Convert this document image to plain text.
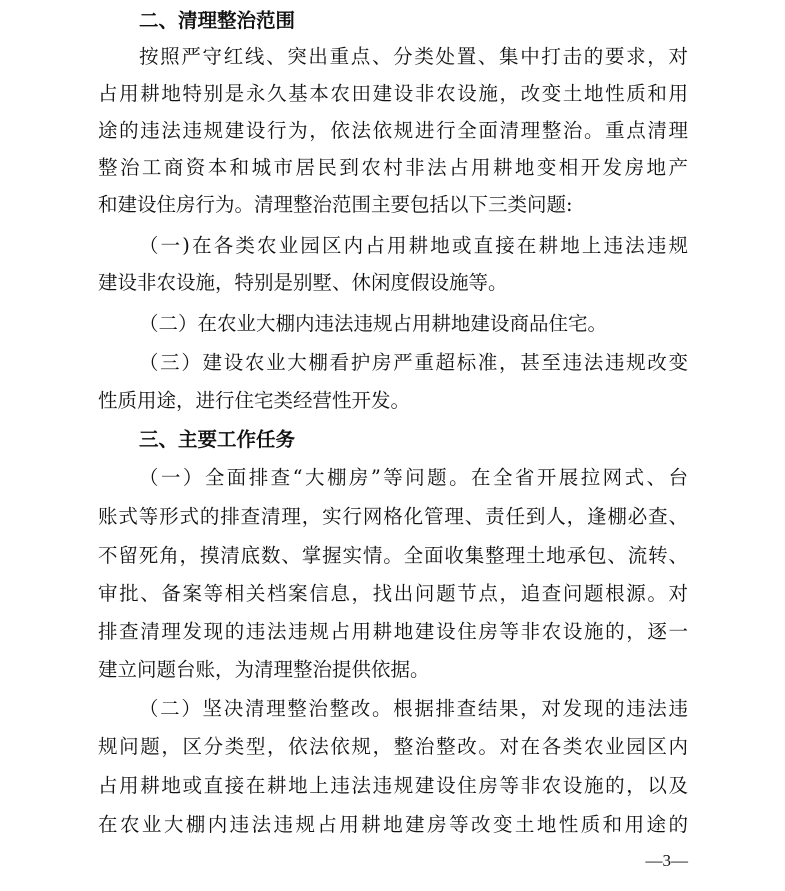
二、清理整治范围
按照严守红线、突出重点、分类处置、集中打击的要求，对
占用耕地特别是永久基本农田建设非农设施，改变土地性质和用
途的违法违规建设行为，依法依规进行全面清理整治。重点清理
整治工商资本和城市居民到农村非法占用耕地变相开发房地产
和建设住房行为。清理整治范围主要包括以下三类问题:
（一)在各类农业园区内占用耕地或直接在耕地上违法违规
建设非农设施，特别是别墅、休闲度假设施等。
（二）在农业大棚内违法违规占用耕地建设商品住宅。
（三）建设农业大棚看护房严重超标准，甚至违法违规改变
性质用途，进行住宅类经营性开发。
三、主要工作任务
（一）全面排查“大棚房”等问题。在全省开展拉网式、台
账式等形式的排查清理，实行网格化管理、责任到人，逢棚必查、
不留死角，摸清底数、掌握实情。全面收集整理土地承包、流转、
审批、备案等相关档案信息，找出问题节点，追查问题根源。对
排查清理发现的违法违规占用耕地建设住房等非农设施的，逐一
建立问题台账，为清理整治提供依据。
（二）坚决清理整治整改。根据排查结果，对发现的违法违
规问题，区分类型，依法依规，整治整改。对在各类农业园区内
占用耕地或直接在耕地上违法违规建设住房等非农设施的，以及
在农业大棚内违法违规占用耕地建房等改变土地性质和用途的
—3—
